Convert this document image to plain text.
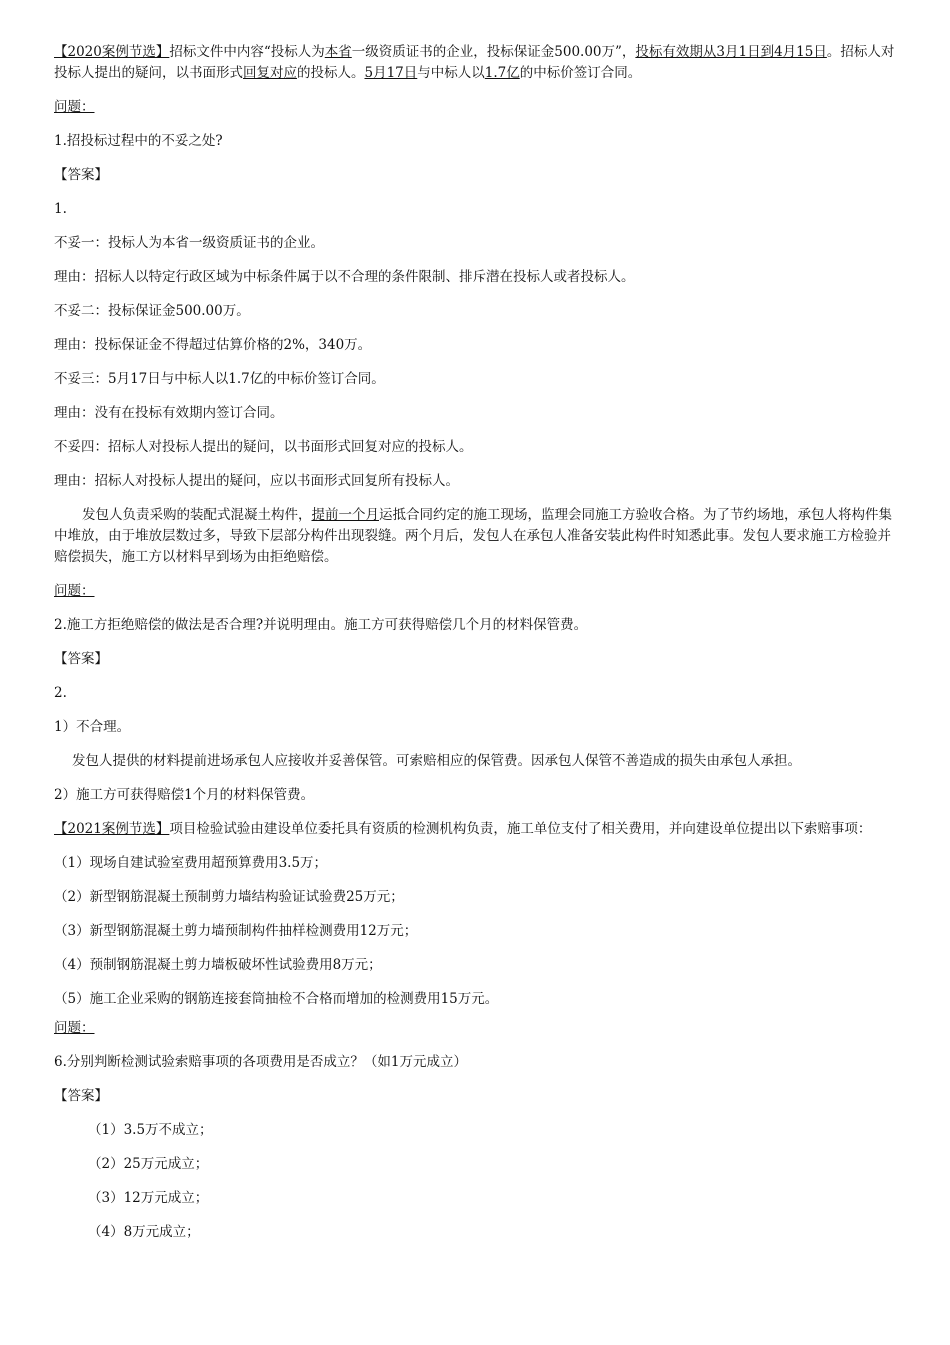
【2020案例节选】招标文件中内容“投标人为本省一级资质证书的企业，投标保证金500.00万”，投标有效期从3月1日到4月15日。招标人对投标人提出的疑问，以书面形式回复对应的投标人。5月17日与中标人以1.7亿的中标价签订合同。

问题：

1.招投标过程中的不妥之处?

【答案】

1.

不妥一：投标人为本省一级资质证书的企业。

理由：招标人以特定行政区域为中标条件属于以不合理的条件限制、排斥潜在投标人或者投标人。

不妥二：投标保证金500.00万。

理由：投标保证金不得超过估算价格的2%，340万。

不妥三：5月17日与中标人以1.7亿的中标价签订合同。

理由：没有在投标有效期内签订合同。

不妥四：招标人对投标人提出的疑问，以书面形式回复对应的投标人。

理由：招标人对投标人提出的疑问，应以书面形式回复所有投标人。

发包人负责采购的装配式混凝土构件，提前一个月运抵合同约定的施工现场，监理会同施工方验收合格。为了节约场地，承包人将构件集中堆放，由于堆放层数过多，导致下层部分构件出现裂缝。两个月后，发包人在承包人准备安装此构件时知悉此事。发包人要求施工方检验并赔偿损失，施工方以材料早到场为由拒绝赔偿。

问题：

2.施工方拒绝赔偿的做法是否合理?并说明理由。施工方可获得赔偿几个月的材料保管费。

【答案】

2.

1）不合理。

发包人提供的材料提前进场承包人应接收并妥善保管。可索赔相应的保管费。因承包人保管不善造成的损失由承包人承担。

2）施工方可获得赔偿1个月的材料保管费。

【2021案例节选】项目检验试验由建设单位委托具有资质的检测机构负责，施工单位支付了相关费用，并向建设单位提出以下索赔事项：

（1）现场自建试验室费用超预算费用3.5万；

（2）新型钢筋混凝土预制剪力墙结构验证试验费25万元；

（3）新型钢筋混凝土剪力墙预制构件抽样检测费用12万元；

（4）预制钢筋混凝土剪力墙板破坏性试验费用8万元；

（5）施工企业采购的钢筋连接套筒抽检不合格而增加的检测费用15万元。

问题：

6.分别判断检测试验索赔事项的各项费用是否成立？（如1万元成立）

【答案】

（1）3.5万不成立；

（2）25万元成立；

（3）12万元成立；

（4）8万元成立；
